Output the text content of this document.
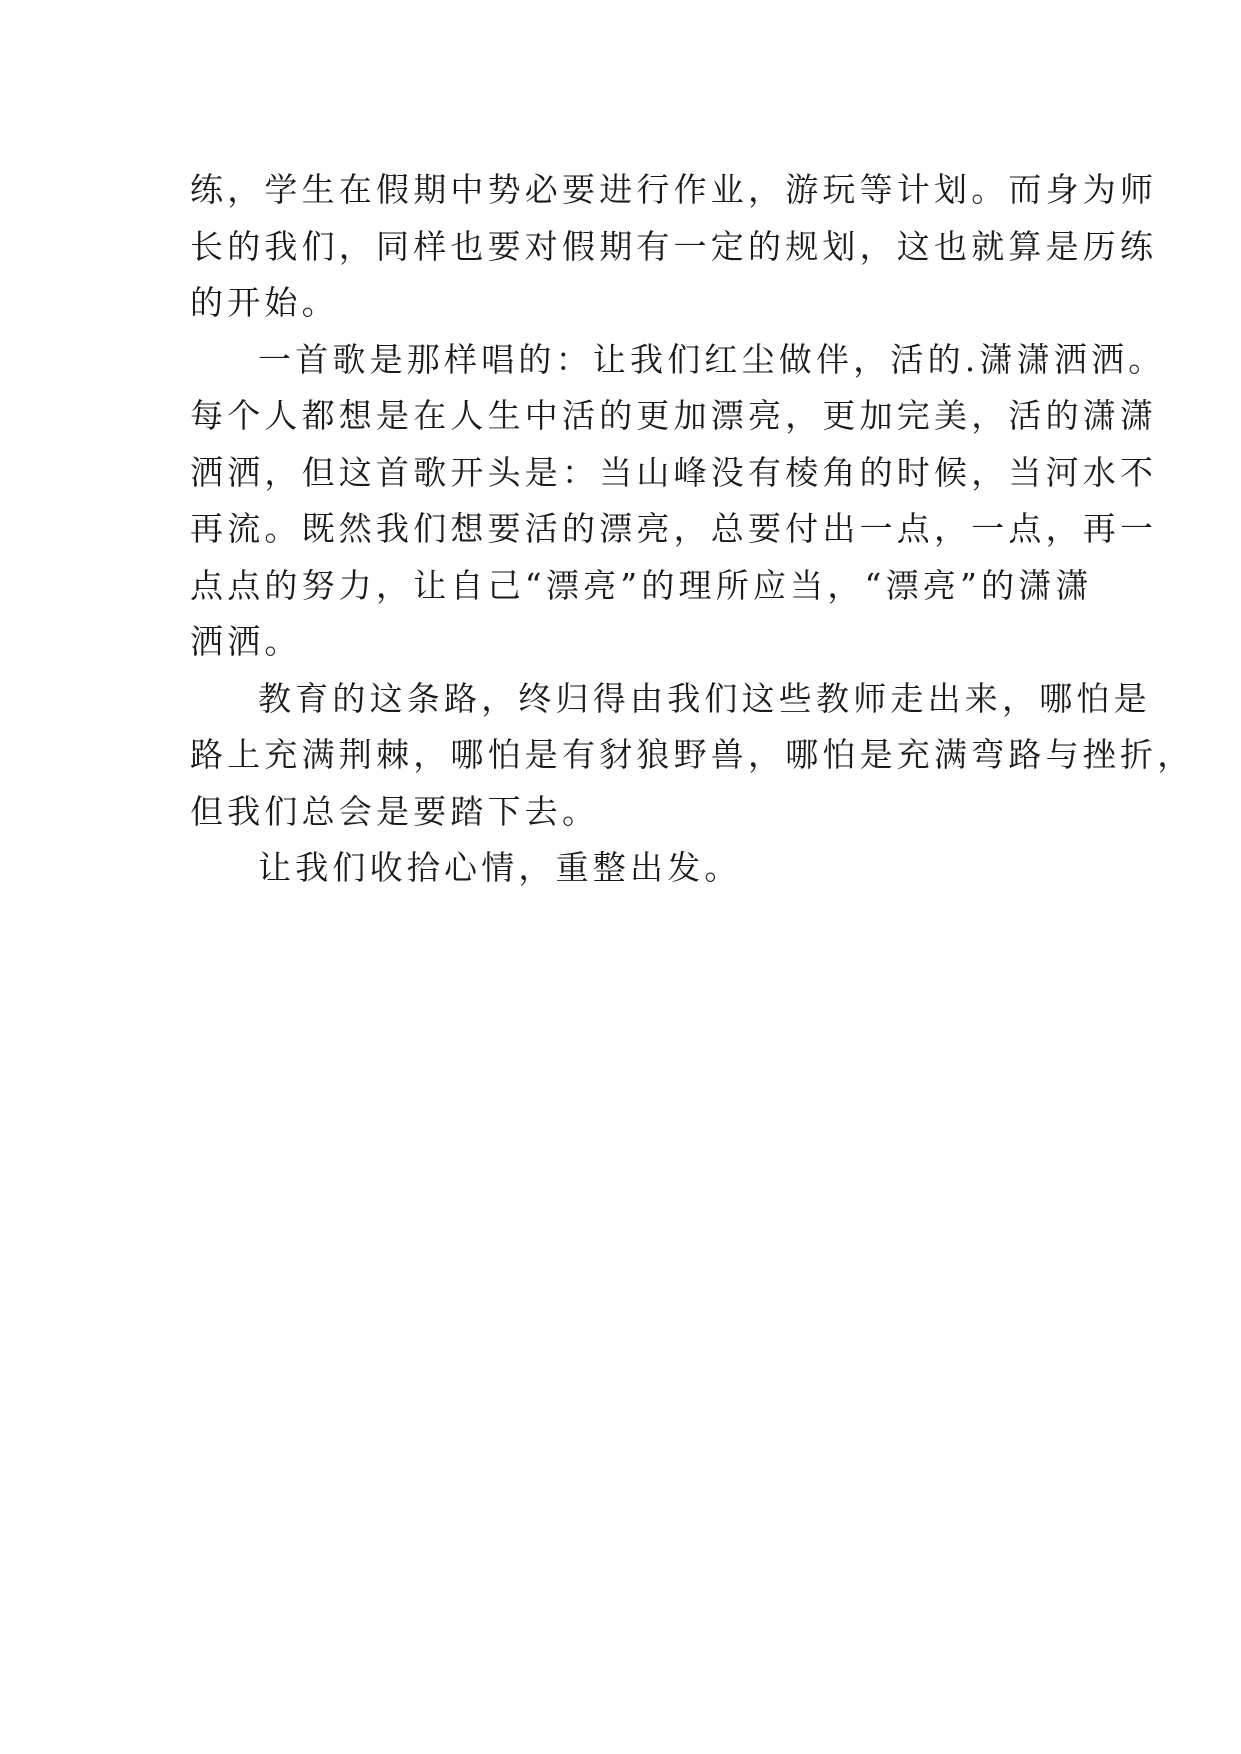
练，学生在假期中势必要进行作业，游玩等计划。而身为师
长的我们，同样也要对假期有一定的规划，这也就算是历练
的开始。
一首歌是那样唱的：让我们红尘做伴，活的.潇潇洒洒。
每个人都想是在人生中活的更加漂亮，更加完美，活的潇潇
洒洒，但这首歌开头是：当山峰没有棱角的时候，当河水不
再流。既然我们想要活的漂亮，总要付出一点，一点，再一
点点的努力，让自己“漂亮”的理所应当，“漂亮”的潇潇
洒洒。
教育的这条路，终归得由我们这些教师走出来，哪怕是
路上充满荆棘，哪怕是有豺狼野兽，哪怕是充满弯路与挫折，
但我们总会是要踏下去。
让我们收拾心情，重整出发。
